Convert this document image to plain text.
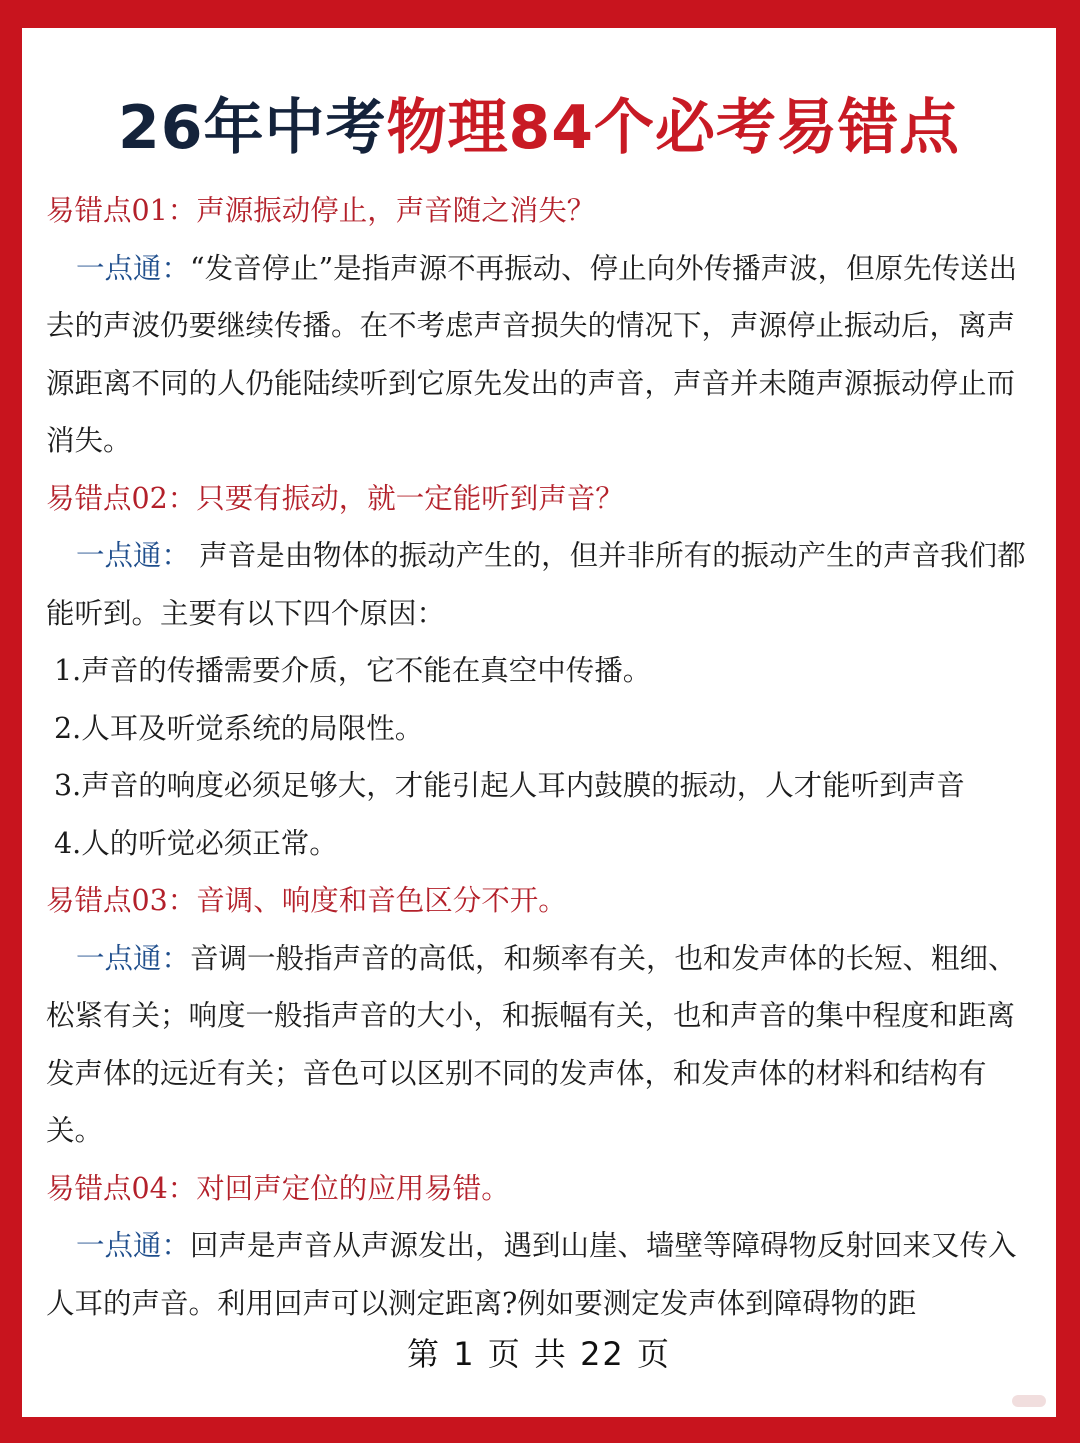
26年中考物理84个必考易错点
易错点01：声源振动停止，声音随之消失？

一点通：“发音停止”是指声源不再振动、停止向外传播声波，但原先传送出去的声波仍要继续传播。在不考虑声音损失的情况下，声源停止振动后，离声源距离不同的人仍能陆续听到它原先发出的声音，声音并未随声源振动停止而消失。

易错点02：只要有振动，就一定能听到声音？

一点通： 声音是由物体的振动产生的，但并非所有的振动产生的声音我们都能听到。主要有以下四个原因：

1.声音的传播需要介质，它不能在真空中传播。
2.人耳及听觉系统的局限性。
3.声音的响度必须足够大，才能引起人耳内鼓膜的振动，人才能听到声音
4.人的听觉必须正常。
易错点03：音调、响度和音色区分不开。

一点通：音调一般指声音的高低，和频率有关，也和发声体的长短、粗细、松紧有关；响度一般指声音的大小，和振幅有关，也和声音的集中程度和距离发声体的远近有关；音色可以区别不同的发声体，和发声体的材料和结构有关。

易错点04：对回声定位的应用易错。

一点通：回声是声音从声源发出，遇到山崖、墙壁等障碍物反射回来又传入人耳的声音。利用回声可以测定距离?例如要测定发声体到障碍物的距

第 1 页 共 22 页
